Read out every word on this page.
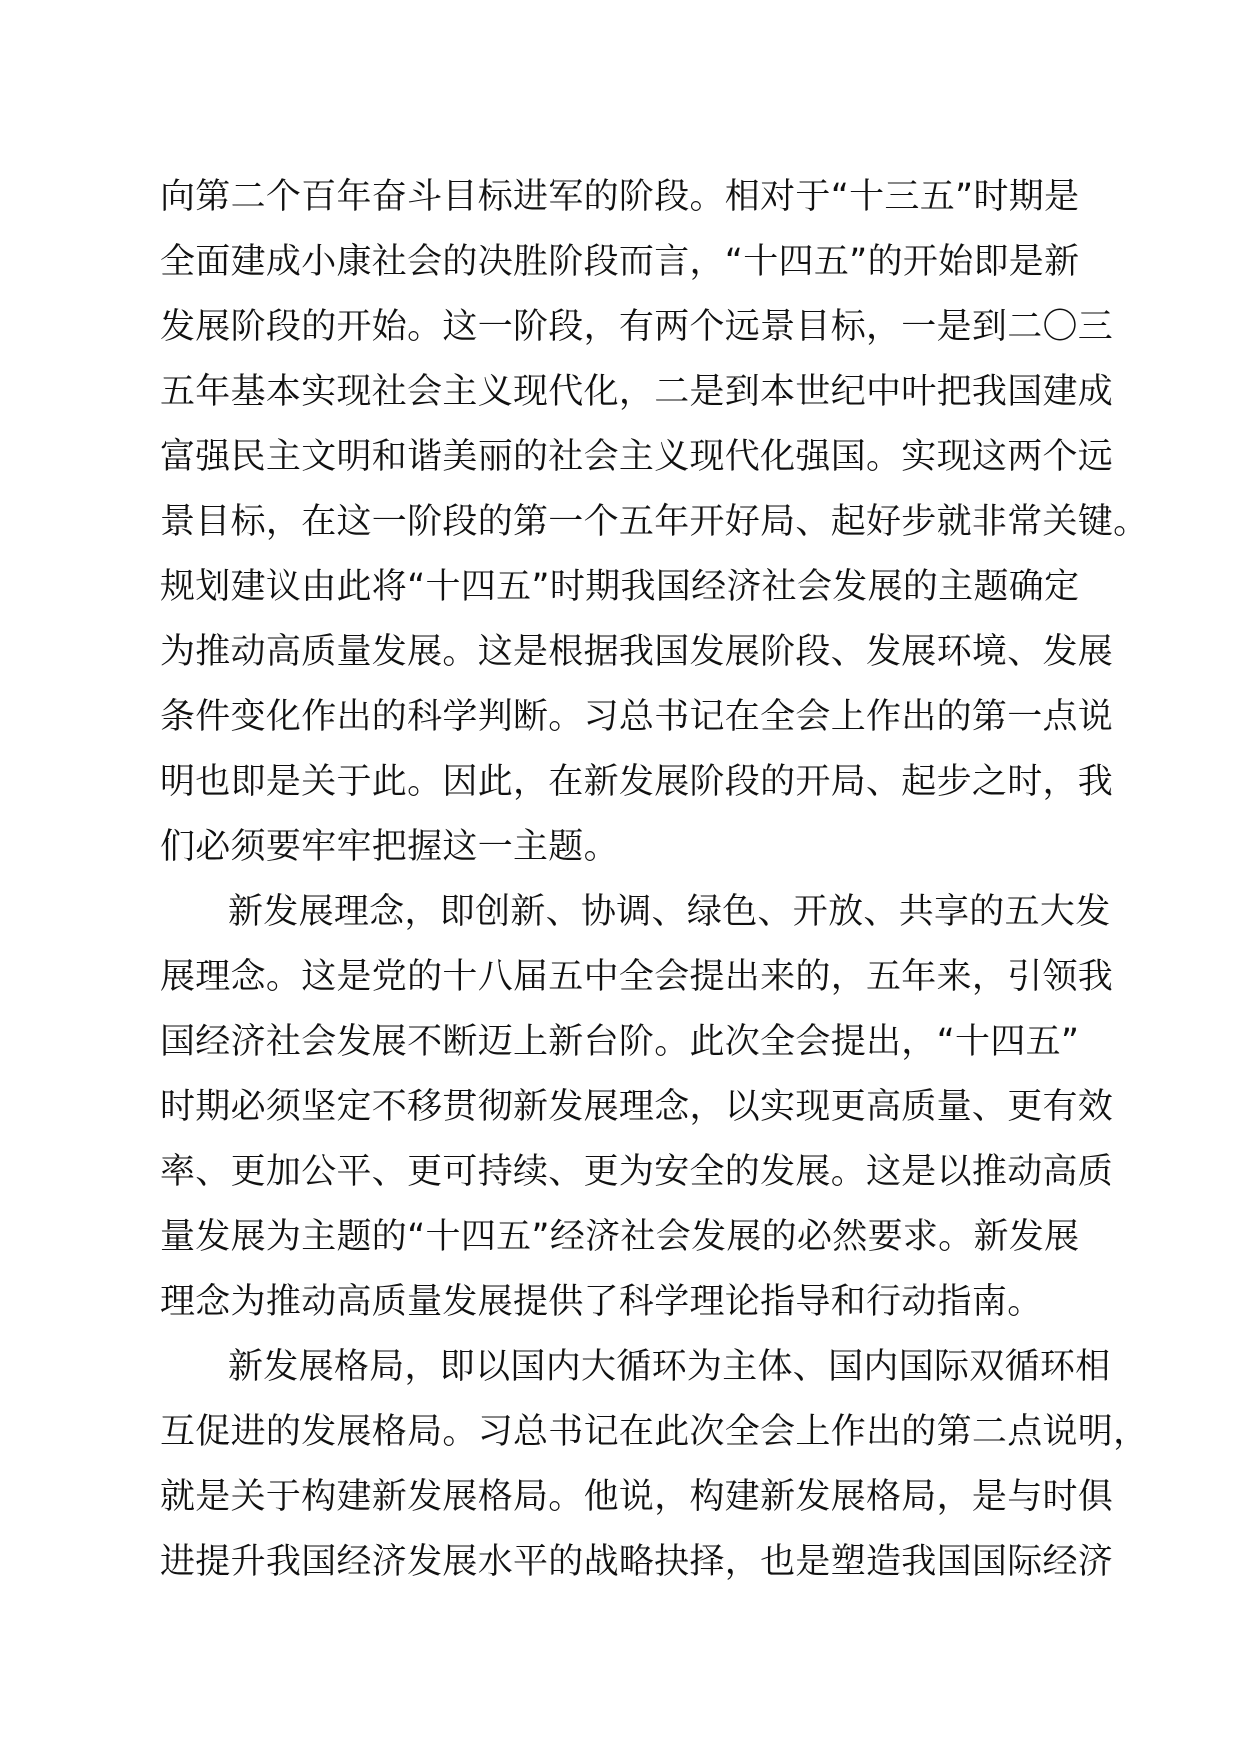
向第二个百年奋斗目标进军的阶段。相对于“十三五”时期是
全面建成小康社会的决胜阶段而言，“十四五”的开始即是新
发展阶段的开始。这一阶段，有两个远景目标，一是到二〇三
五年基本实现社会主义现代化，二是到本世纪中叶把我国建成
富强民主文明和谐美丽的社会主义现代化强国。实现这两个远
景目标，在这一阶段的第一个五年开好局、起好步就非常关键。
规划建议由此将“十四五”时期我国经济社会发展的主题确定
为推动高质量发展。这是根据我国发展阶段、发展环境、发展
条件变化作出的科学判断。习总书记在全会上作出的第一点说
明也即是关于此。因此，在新发展阶段的开局、起步之时，我
们必须要牢牢把握这一主题。
新发展理念，即创新、协调、绿色、开放、共享的五大发
展理念。这是党的十八届五中全会提出来的，五年来，引领我
国经济社会发展不断迈上新台阶。此次全会提出，“十四五”
时期必须坚定不移贯彻新发展理念，以实现更高质量、更有效
率、更加公平、更可持续、更为安全的发展。这是以推动高质
量发展为主题的“十四五”经济社会发展的必然要求。新发展
理念为推动高质量发展提供了科学理论指导和行动指南。
新发展格局，即以国内大循环为主体、国内国际双循环相
互促进的发展格局。习总书记在此次全会上作出的第二点说明，
就是关于构建新发展格局。他说，构建新发展格局，是与时俱
进提升我国经济发展水平的战略抉择，也是塑造我国国际经济
